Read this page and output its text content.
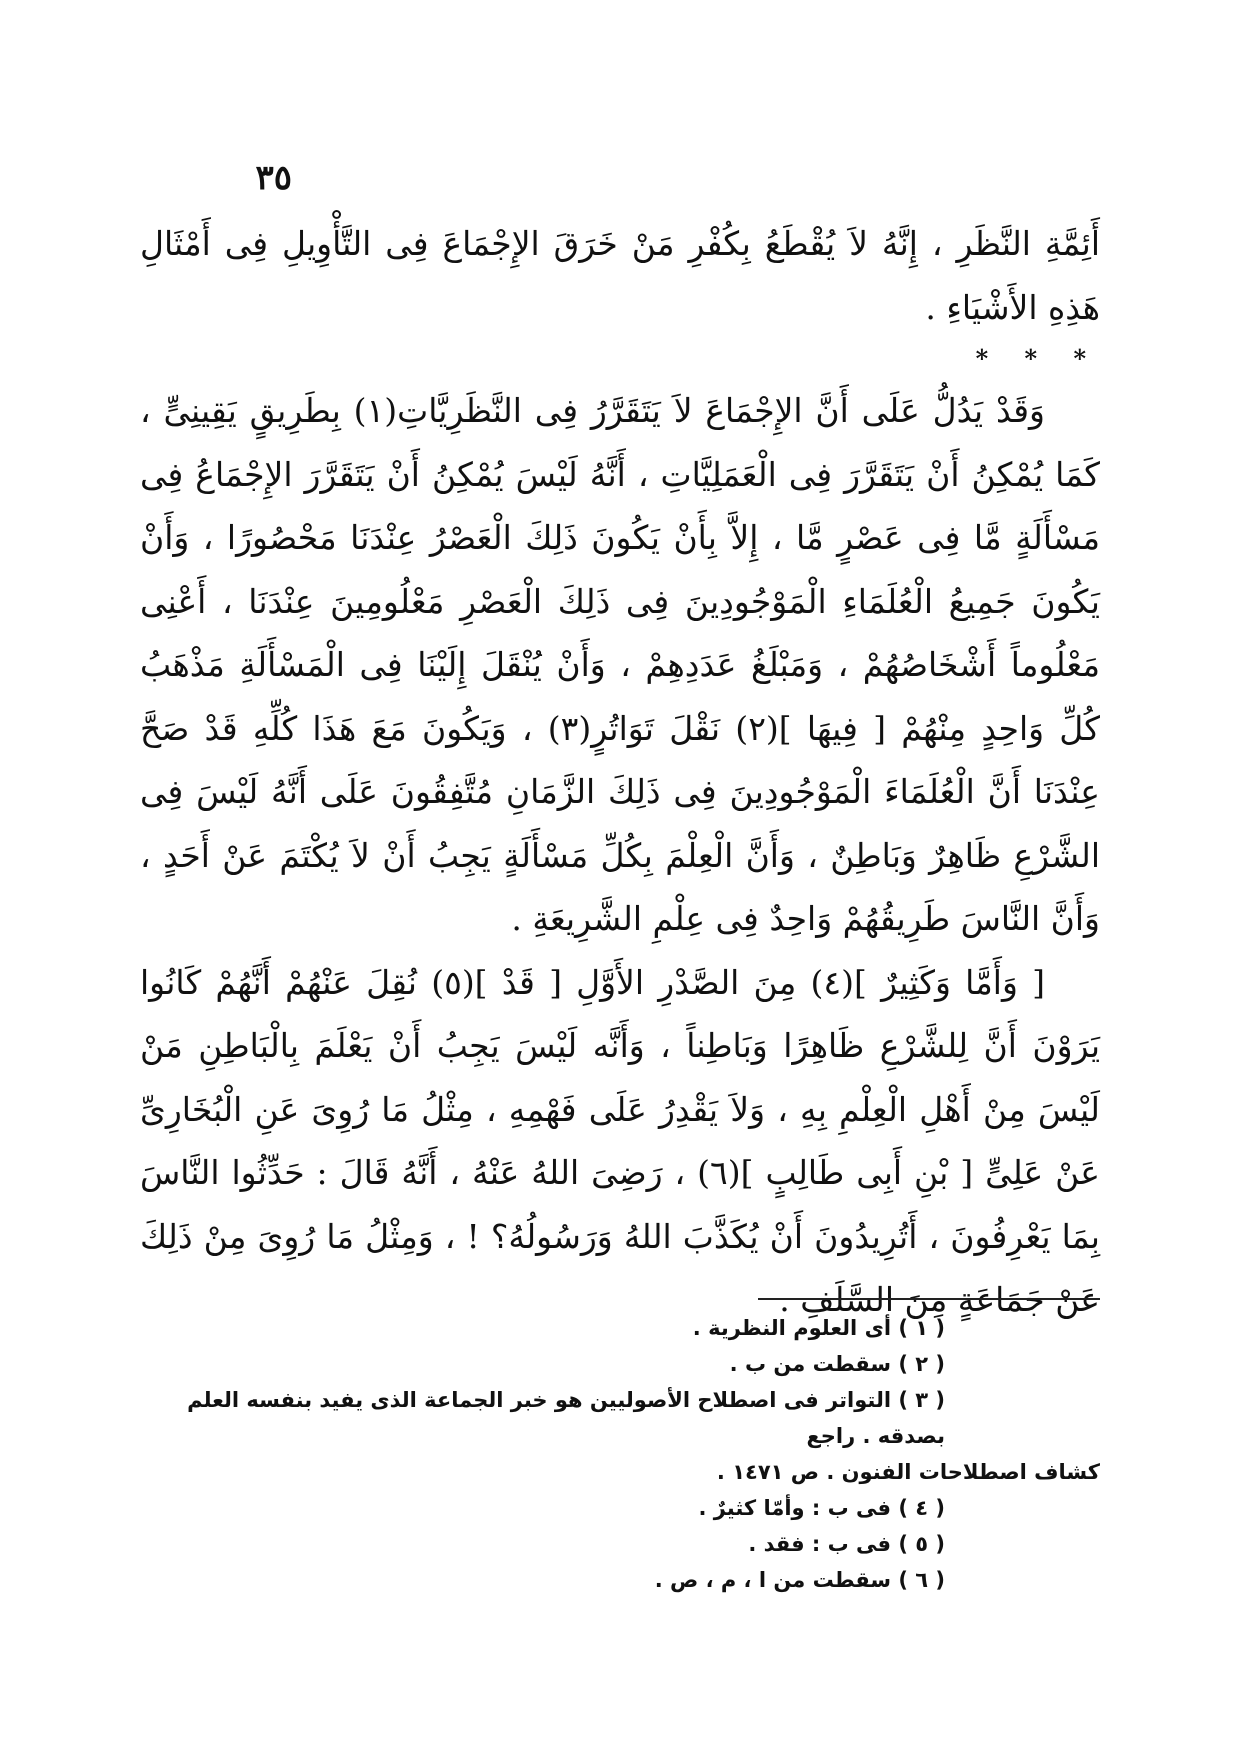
٣٥

أَئِمَّةِ النَّظَرِ ، إِنَّهُ لاَ يُقْطَعُ بِكُفْرِ مَنْ خَرَقَ الإِجْمَاعَ فِى التَّأْوِيلِ فِى أَمْثَالِ هَذِهِ الأَشْيَاءِ .

* * *

وَقَدْ يَدُلُّ عَلَى أَنَّ الإِجْمَاعَ لاَ يَتَقَرَّرُ فِى النَّظَرِيَّاتِ(١) بِطَرِيقٍ يَقِينِىٍّ ، كَمَا يُمْكِنُ أَنْ يَتَقَرَّرَ فِى الْعَمَلِيَّاتِ ، أَنَّهُ لَيْسَ يُمْكِنُ أَنْ يَتَقَرَّرَ الإِجْمَاعُ فِى مَسْأَلَةٍ مَّا فِى عَصْرٍ مَّا ، إِلاَّ بِأَنْ يَكُونَ ذَلِكَ الْعَصْرُ عِنْدَنَا مَحْصُورًا ، وَأَنْ يَكُونَ جَمِيعُ الْعُلَمَاءِ الْمَوْجُودِينَ فِى ذَلِكَ الْعَصْرِ مَعْلُومِينَ عِنْدَنَا ، أَعْنِى مَعْلُوماً أَشْخَاصُهُمْ ، وَمَبْلَغُ عَدَدِهِمْ ، وَأَنْ يُنْقَلَ إِلَيْنَا فِى الْمَسْأَلَةِ مَذْهَبُ كُلِّ وَاحِدٍ مِنْهُمْ [ فِيهَا ](٢) نَقْلَ تَوَاتُرٍ(٣) ، وَيَكُونَ مَعَ هَذَا كُلِّهِ قَدْ صَحَّ عِنْدَنَا أَنَّ الْعُلَمَاءَ الْمَوْجُودِينَ فِى ذَلِكَ الزَّمَانِ مُتَّفِقُونَ عَلَى أَنَّهُ لَيْسَ فِى الشَّرْعِ ظَاهِرٌ وَبَاطِنٌ ، وَأَنَّ الْعِلْمَ بِكُلِّ مَسْأَلَةٍ يَجِبُ أَنْ لاَ يُكْتَمَ عَنْ أَحَدٍ ، وَأَنَّ النَّاسَ طَرِيقُهُمْ وَاحِدٌ فِى عِلْمِ الشَّرِيعَةِ .

[ وَأَمَّا وَكَثِيرٌ ](٤) مِنَ الصَّدْرِ الأَوَّلِ [ قَدْ ](٥) نُقِلَ عَنْهُمْ أَنَّهُمْ كَانُوا يَرَوْنَ أَنَّ لِلشَّرْعِ ظَاهِرًا وَبَاطِناً ، وَأَنَّه لَيْسَ يَجِبُ أَنْ يَعْلَمَ بِالْبَاطِنِ مَنْ لَيْسَ مِنْ أَهْلِ الْعِلْمِ بِهِ ، وَلاَ يَقْدِرُ عَلَى فَهْمِهِ ، مِثْلُ مَا رُوِىَ عَنِ الْبُخَارِىِّ عَنْ عَلِىٍّ [ بْنِ أَبِى طَالِبٍ ](٦) ، رَضِىَ اللهُ عَنْهُ ، أَنَّهُ قَالَ : حَدِّثُوا النَّاسَ بِمَا يَعْرِفُونَ ، أَتُرِيدُونَ أَنْ يُكَذَّبَ اللهُ وَرَسُولُهُ؟ ! ، وَمِثْلُ مَا رُوِىَ مِنْ ذَلِكَ عَنْ جَمَاعَةٍ مِنَ السَّلَفِ .

( ١ ) أى العلوم النظرية .

( ٢ ) سقطت من ب .

( ٣ ) التواتر فى اصطلاح الأصوليين هو خبر الجماعة الذى يفيد بنفسه العلم بصدقه . راجع

كشاف اصطلاحات الفنون . ص ١٤٧١ .

( ٤ ) فى ب : وأمّا كثيرٌ .

( ٥ ) فى ب : فقد .

( ٦ ) سقطت من ا ، م ، ص .
